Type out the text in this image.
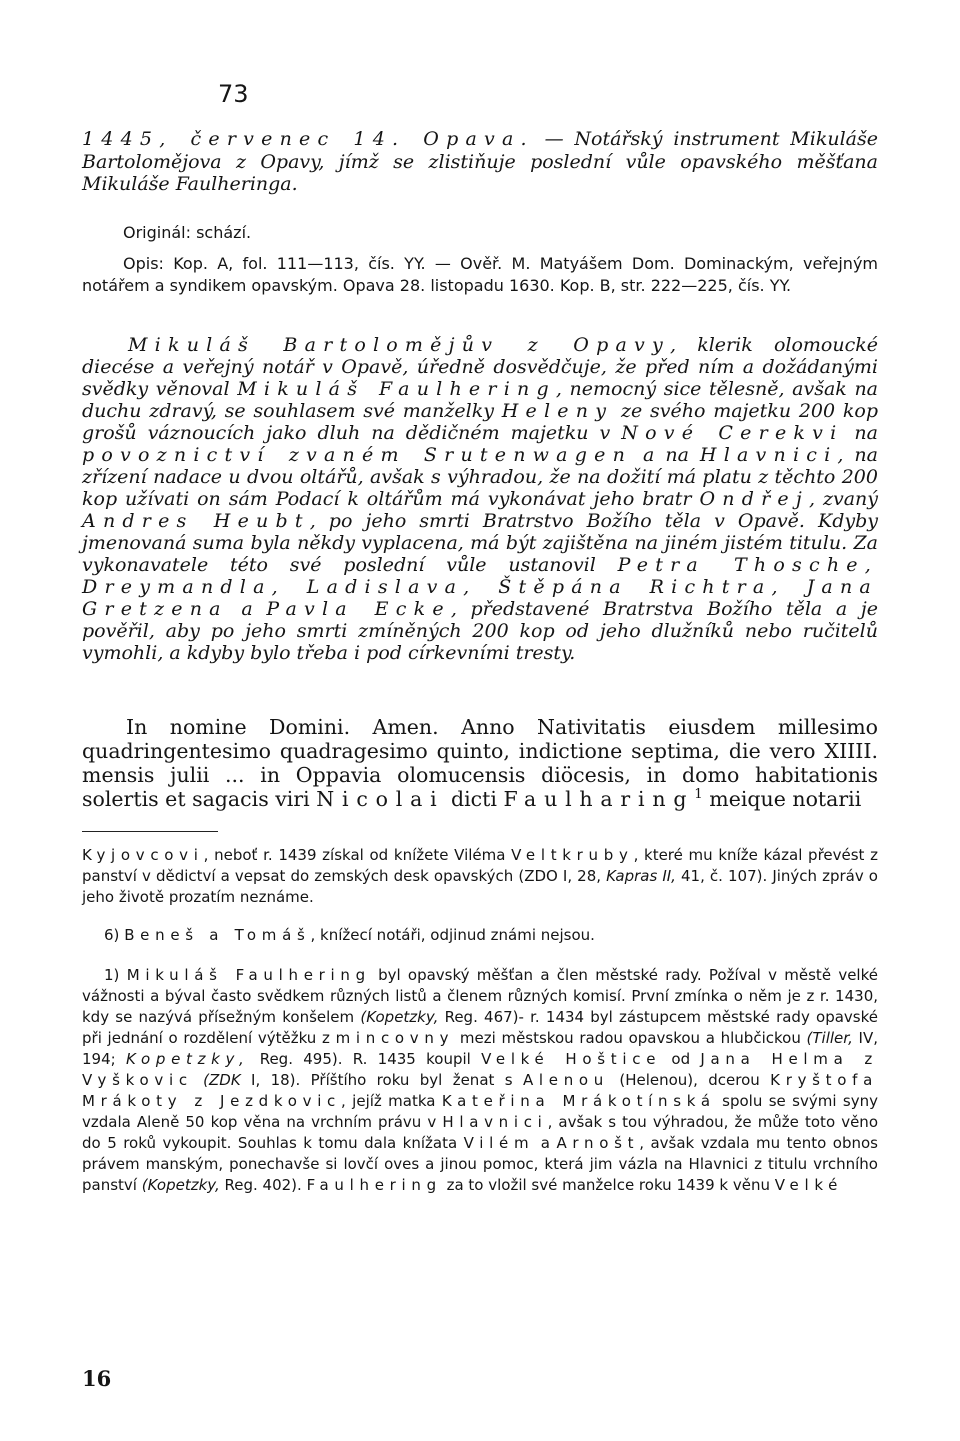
73
1445, červenec 14. Opava. — Notářský instrument Mikuláše Bartolomějova z Opavy, jímž se zlistiňuje poslední vůle opavského měšťana Mikuláše Faulheringa.

Originál: schází.

Opis: Kop. A, fol. 111—113, čís. YY. — Ověř. M. Matyášem Dom. Dominackým, veřejným notářem a syndikem opavským. Opava 28. listopadu 1630. Kop. B, str. 222—225, čís. YY.

Mikuláš Bartolomějův z Opavy, klerik olomoucké diecése a veřejný notář v Opavě, úředně dosvědčuje, že před ním a dožádanými svědky věnoval Mikuláš Faulhering, nemocný sice tělesně, avšak na duchu zdravý, se souhlasem své manželky Heleny ze svého majetku 200 kop grošů váznoucích jako dluh na dědičném majetku v Nové Cerekvi na povoznictví zvaném Srutenwagen a na Hlavnici, na zřízení nadace u dvou oltářů, avšak s výhradou, že na dožití má platu z těchto 200 kop užívati on sám Podací k oltářům má vykonávat jeho bratr Ondřej, zvaný Andres Heubt, po jeho smrti Bratrstvo Božího těla v Opavě. Kdyby jmenovaná suma byla někdy vyplacena, má být zajištěna na jiném jistém titulu. Za vykonavatele této své poslední vůle ustanovil Petra Thosche, Dreymandla, Ladislava, Štěpána Richtra, Jana Gretzena a Pavla Ecke, představené Bratrstva Božího těla a je pověřil, aby po jeho smrti zmíněných 200 kop od jeho dlužníků nebo ručitelů vymohli, a kdyby bylo třeba i pod církevními tresty.
In nomine Domini. Amen. Anno Nativitatis eiusdem millesimo quadringentesimo quadragesimo quinto, indictione septima, die vero XIIII. mensis julii ... in Oppavia olomucensis diöcesis, in domo habitationis solertis et sagacis viri Nicolai dicti Faulharing$^1$ meique notarii
Kyjovcovi, neboť r. 1439 získal od knížete Viléma Veltkruby, které mu kníže kázal převést z panství v dědictví a vepsat do zemských desk opavských (ZDO I, 28, Kapras II, 41, č. 107). Jiných zpráv o jeho životě prozatím neznáme.
6) Beneš a Tomáš, knížecí notáři, odjinud známi nejsou.
1) Mikuláš Faulhering byl opavský měšťan a člen městské rady. Požíval v městě velké vážnosti a býval často svědkem různých listů a členem různých komisí. První zmínka o něm je z r. 1430, kdy se nazývá přísežným konšelem (Kopetzky, Reg. 467)- r. 1434 byl zástupcem městské rady opavské při jednání o rozdělení výtěžku z mincovny mezi městskou radou opavskou a hlubčickou (Tiller, IV, 194; Kopetzky, Reg. 495). R. 1435 koupil Velké Hoštice od Jana Helma z Vyškovic (ZDK I, 18). Příštího roku byl ženat s Alenou (Helenou), dcerou Kryštofa Mrákoty z Jezdkovic, jejíž matka Kateřina Mrákotínská spolu se svými syny vzdala Aleně 50 kop věna na vrchním právu v Hlavnici, avšak s tou výhradou, že může toto věno do 5 roků vykoupit. Souhlas k tomu dala knížata Vilém a Arnošt, avšak vzdala mu tento obnos právem manským, ponechavše si lovčí oves a jinou pomoc, která jim vázla na Hlavnici z titulu vrchního panství (Kopetzky, Reg. 402). Faulhering za to vložil své manželce roku 1439 k věnu Velké
16
